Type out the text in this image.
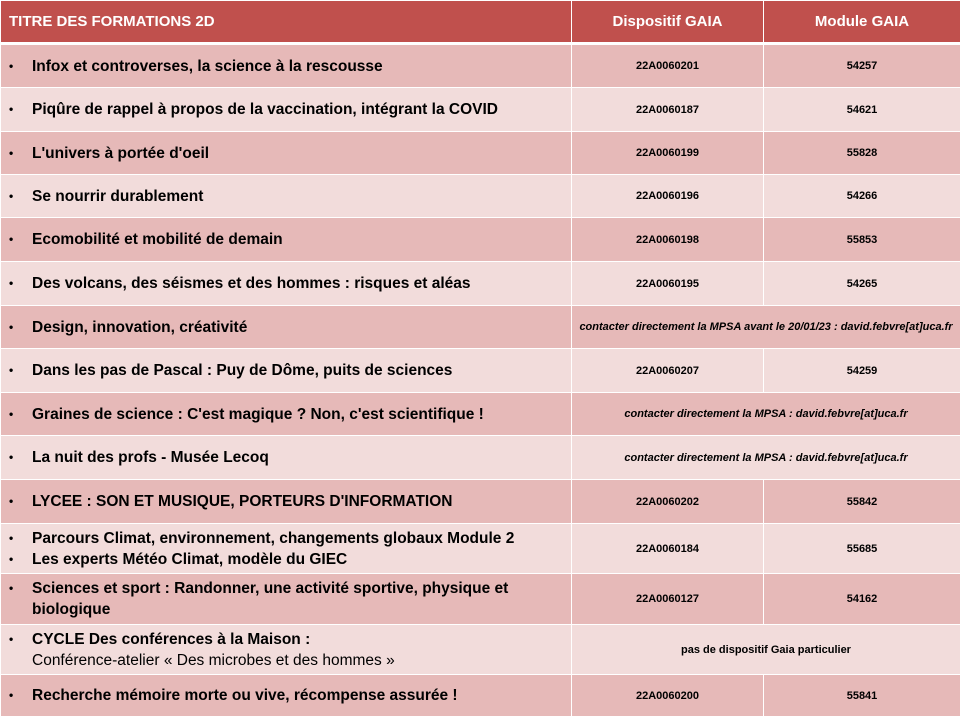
TITRE DES FORMATIONS 2D	Dispositif GAIA	Module GAIA

• Infox et controverses, la science à la rescousse	22A0060201	54257

• Piqûre de rappel à propos de la vaccination, intégrant la COVID	22A0060187	54621

• L'univers à portée d'oeil	22A0060199	55828

• Se nourrir durablement	22A0060196	54266

• Ecomobilité et mobilité de demain	22A0060198	55853

• Des volcans, des séismes et des hommes : risques et aléas	22A0060195	54265

• Design, innovation, créativité	contacter directement la MPSA avant le 20/01/23 : david.febvre[at]uca.fr	

• Dans les pas de Pascal : Puy de Dôme, puits de sciences	22A0060207	54259

• Graines de science : C'est magique ? Non, c'est scientifique !	contacter directement la MPSA : david.febvre[at]uca.fr	

• La nuit des profs - Musée Lecoq	contacter directement la MPSA : david.febvre[at]uca.fr	

• LYCEE : SON ET MUSIQUE, PORTEURS D'INFORMATION	22A0060202	55842

• Parcours Climat, environnement, changements globaux Module 2
• Les experts Météo Climat, modèle du GIEC	22A0060184	55685

• Sciences et sport : Randonner, une activité sportive, physique et biologique	22A0060127	54162

• CYCLE Des conférences à la Maison :
Conférence-atelier « Des microbes et des hommes »	pas de dispositif Gaia particulier	

• Recherche mémoire morte ou vive, récompense assurée !	22A0060200	55841
